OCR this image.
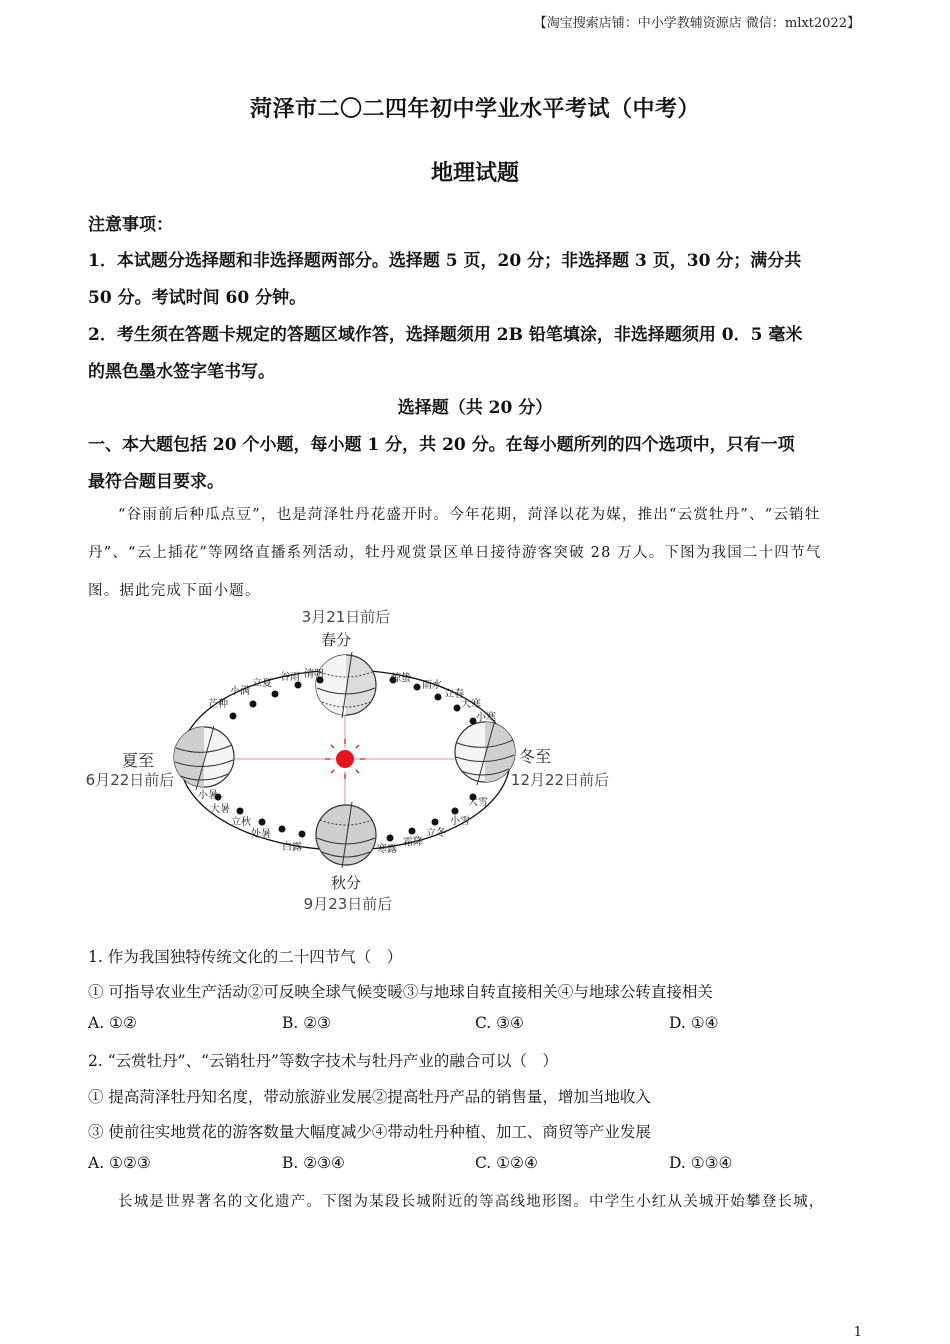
【淘宝搜索店铺：中小学教辅资源店 微信：mlxt2022】
菏泽市二〇二四年初中学业水平考试（中考）
地理试题
注意事项：
1．本试题分选择题和非选择题两部分。选择题 5 页，20 分；非选择题 3 页，30 分；满分共
50 分。考试时间 60 分钟。
2．考生须在答题卡规定的答题区域作答，选择题须用 2B 铅笔填涂，非选择题须用 0．5 毫米
的黑色墨水签字笔书写。
选择题（共 20 分）
一、本大题包括 20 个小题，每小题 1 分，共 20 分。在每小题所列的四个选项中，只有一项
最符合题目要求。
“谷雨前后种瓜点豆”，也是菏泽牡丹花盛开时。今年花期，菏泽以花为媒，推出“云赏牡丹”、“云销牡
丹”、“云上插花”等网络直播系列活动，牡丹观赏景区单日接待游客突破 28 万人。下图为我国二十四节气
图。据此完成下面小题。
3月21日前后
春分
夏至
6月22日前后
冬至
12月22日前后
秋分
9月23日前后
清明
谷雨
立夏
小满
芒种
惊蛰
雨水
立春
大寒
小寒
小暑
大暑
立秋
处暑
白露	寒露
霜降
立冬
小雪
大雪
1. 作为我国独特传统文化的二十四节气（　）
① 可指导农业生产活动②可反映全球气候变暖③与地球自转直接相关④与地球公转直接相关
A. ①②	B. ②③	C. ③④	D. ①④
2. “云赏牡丹”、“云销牡丹”等数字技术与牡丹产业的融合可以（　）
① 提高菏泽牡丹知名度，带动旅游业发展②提高牡丹产品的销售量，增加当地收入
③ 使前往实地赏花的游客数量大幅度减少④带动牡丹种植、加工、商贸等产业发展
A. ①②③	B. ②③④	C. ①②④	D. ①③④
长城是世界著名的文化遗产。下图为某段长城附近的等高线地形图。中学生小红从关城开始攀登长城，
1
